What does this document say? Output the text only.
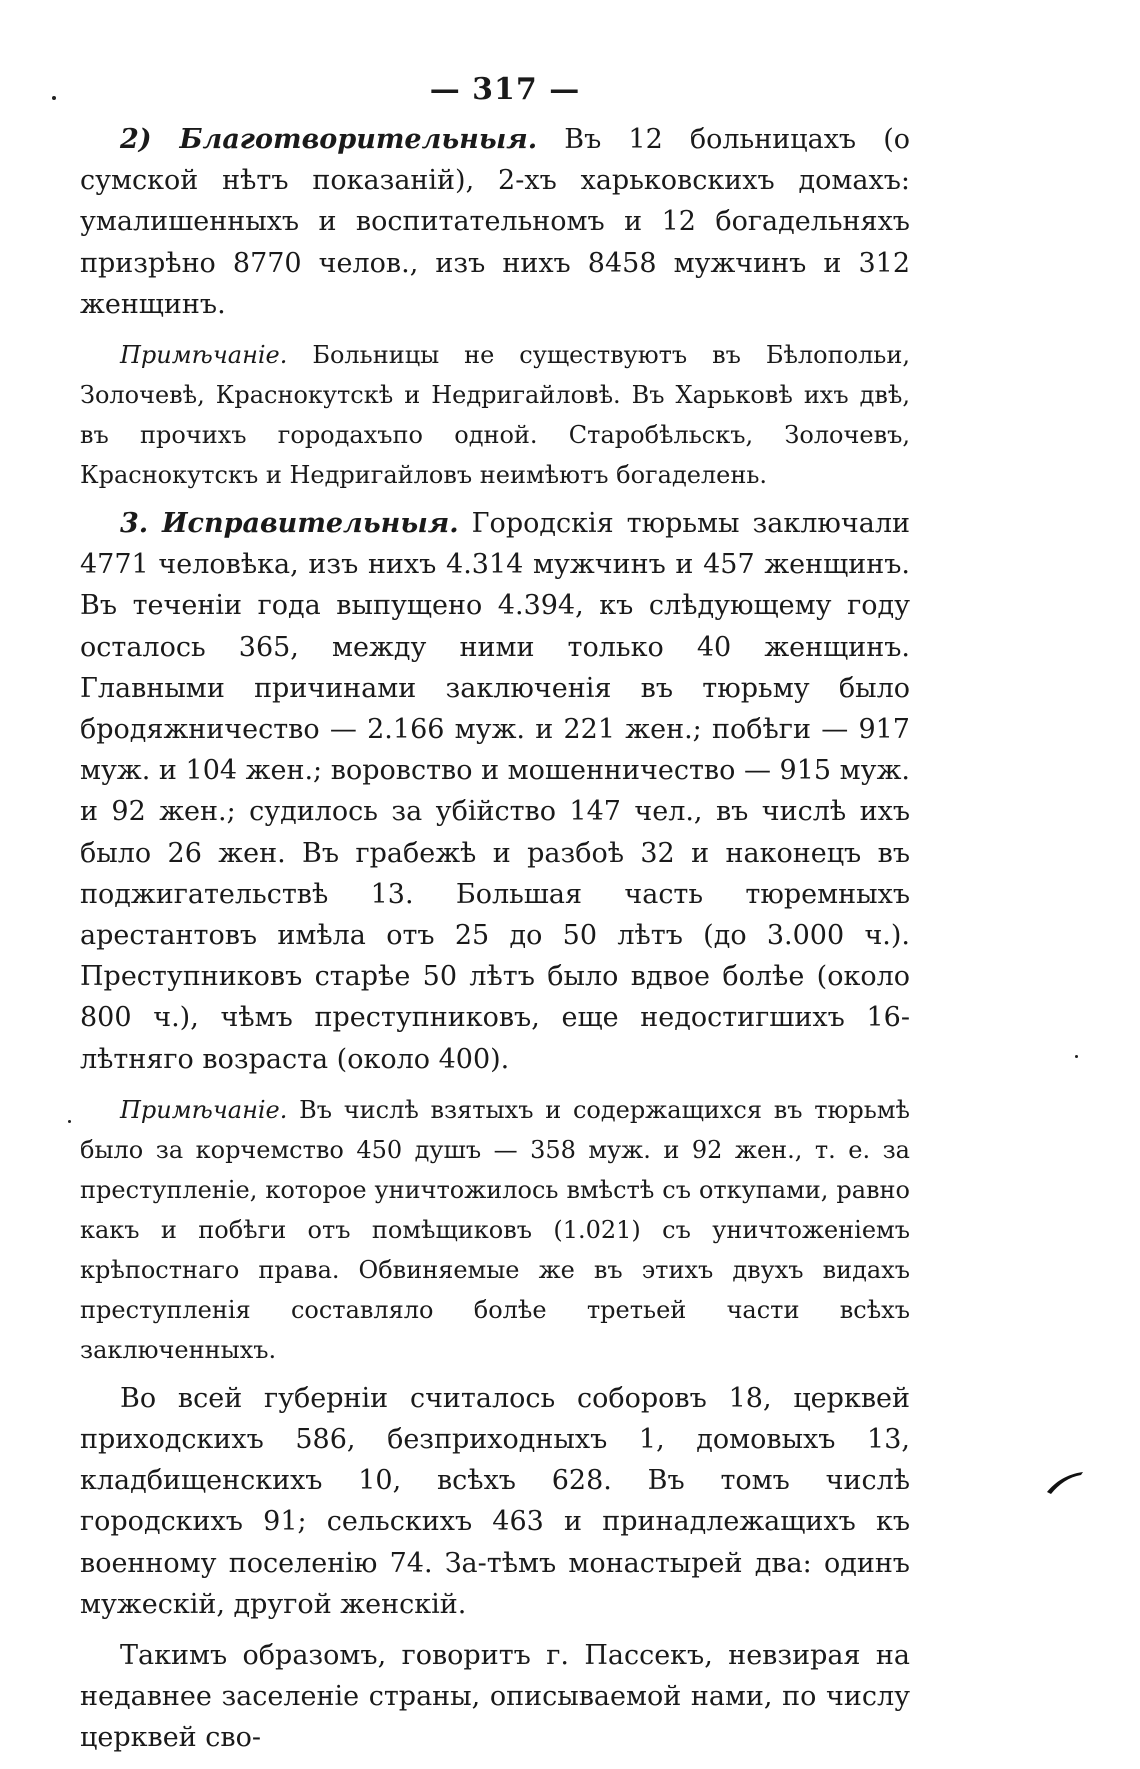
— 317 —

2) Благотворительныя. Въ 12 больницахъ (о сумской нѣтъ показаній), 2-хъ харьковскихъ домахъ: умалишенныхъ и воспитательномъ и 12 богадельняхъ призрѣно 8770 челов., изъ нихъ 8458 мужчинъ и 312 женщинъ.

Примѣчаніе. Больницы не существуютъ въ Бѣлопольи, Золочевѣ, Краснокутскѣ и Недригайловѣ. Въ Харьковѣ ихъ двѣ, въ прочихъ городахъпо одной. Старобѣльскъ, Золочевъ, Краснокутскъ и Недригайловъ неимѣютъ богаделень.

3. Исправительныя. Городскія тюрьмы заключали 4771 человѣка, изъ нихъ 4.314 мужчинъ и 457 женщинъ. Въ теченіи года выпущено 4.394, къ слѣдующему году осталось 365, между ними только 40 женщинъ. Главными причинами заключенія въ тюрьму было бродяжничество — 2.166 муж. и 221 жен.; побѣги — 917 муж. и 104 жен.; воровство и мошенничество — 915 муж. и 92 жен.; судилось за убійство 147 чел., въ числѣ ихъ было 26 жен. Въ грабежѣ и разбоѣ 32 и наконецъ въ поджигательствѣ 13. Большая часть тюремныхъ арестантовъ имѣла отъ 25 до 50 лѣтъ (до 3.000 ч.). Преступниковъ старѣе 50 лѣтъ было вдвое болѣе (около 800 ч.), чѣмъ преступниковъ, еще недостигшихъ 16-лѣтняго возраста (около 400).

Примѣчаніе. Въ числѣ взятыхъ и содержащихся въ тюрьмѣ было за корчемство 450 душъ — 358 муж. и 92 жен., т. е. за преступленіе, которое уничтожилось вмѣстѣ съ откупами, равно какъ и побѣги отъ помѣщиковъ (1.021) съ уничтоженіемъ крѣпостнаго права. Обвиняемые же въ этихъ двухъ видахъ преступленія составляло болѣе третьей части всѣхъ заключенныхъ.

Во всей губерніи считалось соборовъ 18, церквей приходскихъ 586, безприходныхъ 1, домовыхъ 13, кладбищенскихъ 10, всѣхъ 628. Въ томъ числѣ городскихъ 91; сельскихъ 463 и принадлежащихъ къ военному поселенію 74. За-тѣмъ монастырей два: одинъ мужескій, другой женскій.

Такимъ образомъ, говоритъ г. Пассекъ, невзирая на недавнее заселеніе страны, описываемой нами, по числу церквей сво-
